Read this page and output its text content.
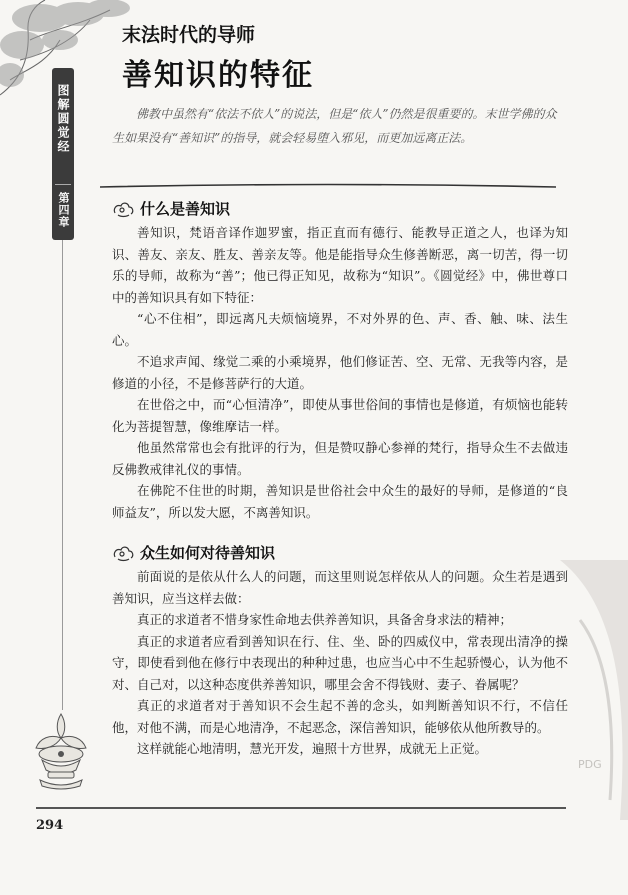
图解圆觉经
第四章
末法时代的导师
善知识的特征

佛教中虽然有“依法不依人”的说法，但是“依人”仍然是很重要的。末世学佛的众生如果没有“善知识”的指导，就会轻易堕入邪见，而更加远离正法。

什么是善知识

善知识，梵语音译作迦罗蜜，指正直而有德行、能教导正道之人，也译为知识、善友、亲友、胜友、善亲友等。他是能指导众生修善断恶，离一切苦，得一切乐的导师，故称为“善”；他已得正知见，故称为“知识”。《圆觉经》中，佛世尊口中的善知识具有如下特征：

“心不住相”，即远离凡夫烦恼境界，不对外界的色、声、香、触、味、法生心。

不追求声闻、缘觉二乘的小乘境界，他们修证苦、空、无常、无我等内容，是修道的小径，不是修菩萨行的大道。

在世俗之中，而“心恒清净”，即使从事世俗间的事情也是修道，有烦恼也能转化为菩提智慧，像维摩诘一样。

他虽然常常也会有批评的行为，但是赞叹静心参禅的梵行，指导众生不去做违反佛教戒律礼仪的事情。

在佛陀不住世的时期，善知识是世俗社会中众生的最好的导师，是修道的“良师益友”，所以发大愿，不离善知识。

众生如何对待善知识

前面说的是依从什么人的问题，而这里则说怎样依从人的问题。众生若是遇到善知识，应当这样去做：

真正的求道者不惜身家性命地去供养善知识，具备舍身求法的精神；

真正的求道者应看到善知识在行、住、坐、卧的四威仪中，常表现出清净的操守，即使看到他在修行中表现出的种种过患，也应当心中不生起骄慢心，认为他不对、自己对，以这种态度供养善知识，哪里会舍不得钱财、妻子、眷属呢？

真正的求道者对于善知识不会生起不善的念头，如判断善知识不行，不信任他，对他不满，而是心地清净，不起恶念，深信善知识，能够依从他所教导的。

这样就能心地清明，慧光开发，遍照十方世界，成就无上正觉。

PDG
294
